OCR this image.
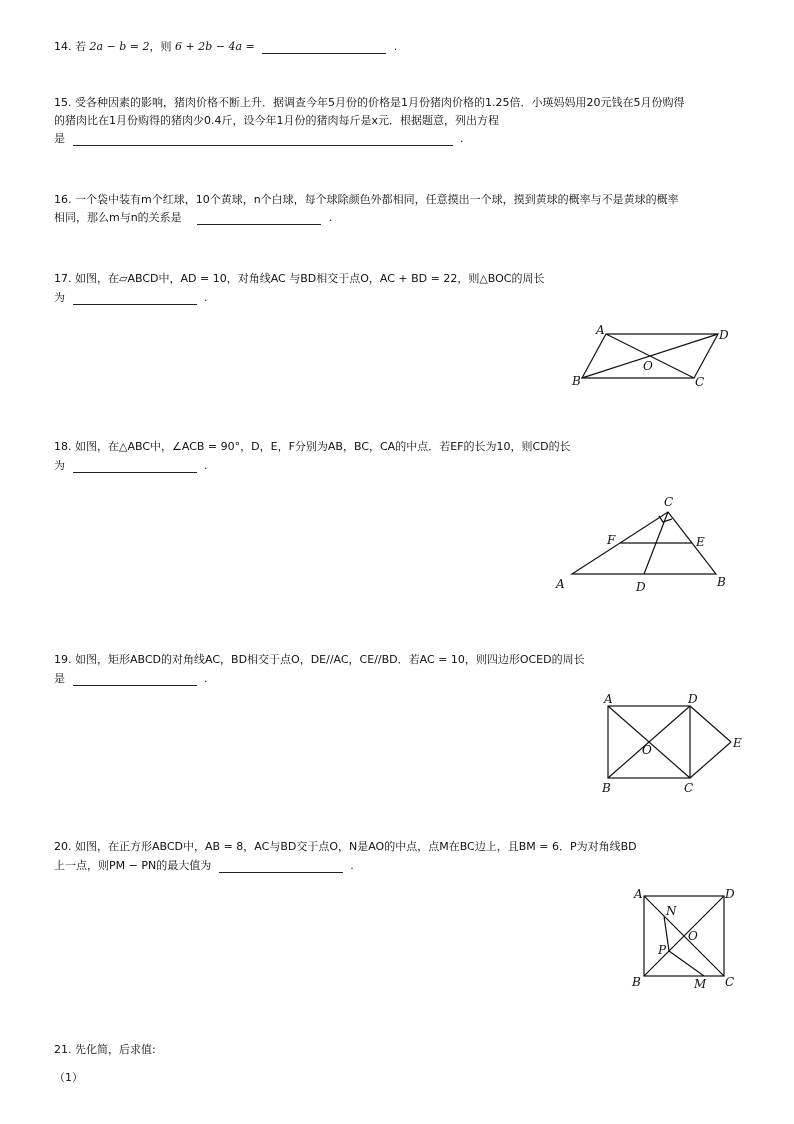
14. 若 2a − b = 2，则 6 + 2b − 4a =	.
15. 受各种因素的影响，猪肉价格不断上升．据调查今年5月份的价格是1月份猪肉价格的1.25倍．小瑛妈妈用20元钱在5月份购得
的猪肉比在1月份购得的猪肉少0.4斤，设今年1月份的猪肉每斤是x元．根据题意，列出方程
是	.
16. 一个袋中装有m个红球，10个黄球，n个白球，每个球除颜色外都相同，任意摸出一个球，摸到黄球的概率与不是黄球的概率
相同，那么m与n的关系是	.
17. 如图，在▱ABCD中，AD = 10，对角线AC 与BD相交于点O，AC + BD = 22，则△BOC的周长
为	.
A	D
B	C
O
18. 如图，在△ABC中，∠ACB = 90°，D，E，F分别为AB，BC，CA的中点．若EF的长为10，则CD的长
为	.
C
F	E
A	D	B
19. 如图，矩形ABCD的对角线AC，BD相交于点O，DE//AC，CE//BD．若AC = 10，则四边形OCED的周长
是	.
A	D
E
O
B	C
20. 如图，在正方形ABCD中，AB = 8，AC与BD交于点O，N是AO的中点，点M在BC边上，且BM = 6．P为对角线BD
上一点，则PM − PN的最大值为	.
A	D
N
O
P
B	M C
21. 先化简，后求值:
（1）
